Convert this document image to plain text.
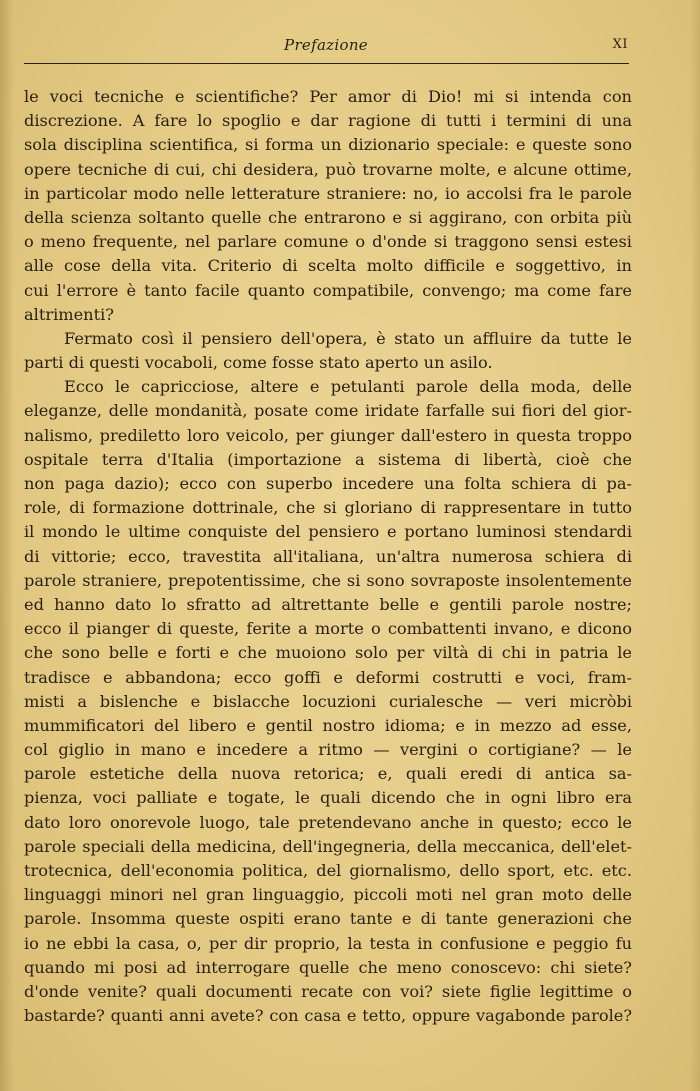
Prefazione	XI
le voci tecniche e scientifiche? Per amor di Dio! mi si intenda con
discrezione. A fare lo spoglio e dar ragione di tutti i termini di una
sola disciplina scientifica, si forma un dizionario speciale: e queste sono
opere tecniche di cui, chi desidera, può trovarne molte, e alcune ottime,
in particolar modo nelle letterature straniere: no, io accolsi fra le parole
della scienza soltanto quelle che entrarono e si aggirano, con orbita più
o meno frequente, nel parlare comune o d'onde si traggono sensi estesi
alle cose della vita. Criterio di scelta molto difficile e soggettivo, in
cui l'errore è tanto facile quanto compatibile, convengo; ma come fare
altrimenti?
Fermato così il pensiero dell'opera, è stato un affluire da tutte le
parti di questi vocaboli, come fosse stato aperto un asilo.
Ecco le capricciose, altere e petulanti parole della moda, delle
eleganze, delle mondanità, posate come iridate farfalle sui fiori del gior-
nalismo, prediletto loro veicolo, per giunger dall'estero in questa troppo
ospitale terra d'Italia (importazione a sistema di libertà, cioè che
non paga dazio); ecco con superbo incedere una folta schiera di pa-
role, di formazione dottrinale, che si gloriano di rappresentare in tutto
il mondo le ultime conquiste del pensiero e portano luminosi stendardi
di vittorie; ecco, travestita all'italiana, un'altra numerosa schiera di
parole straniere, prepotentissime, che si sono sovraposte insolentemente
ed hanno dato lo sfratto ad altrettante belle e gentili parole nostre;
ecco il pianger di queste, ferite a morte o combattenti invano, e dicono
che sono belle e forti e che muoiono solo per viltà di chi in patria le
tradisce e abbandona; ecco goffi e deformi costrutti e voci, fram-
misti a bislenche e bislacche locuzioni curialesche — veri micròbi
mummificatori del libero e gentil nostro idioma; e in mezzo ad esse,
col giglio in mano e incedere a ritmo — vergini o cortigiane? — le
parole estetiche della nuova retorica; e, quali eredi di antica sa-
pienza, voci palliate e togate, le quali dicendo che in ogni libro era
dato loro onorevole luogo, tale pretendevano anche in questo; ecco le
parole speciali della medicina, dell'ingegneria, della meccanica, dell'elet-
trotecnica, dell'economia politica, del giornalismo, dello sport, etc. etc.
linguaggi minori nel gran linguaggio, piccoli moti nel gran moto delle
parole. Insomma queste ospiti erano tante e di tante generazioni che
io ne ebbi la casa, o, per dir proprio, la testa in confusione e peggio fu
quando mi posi ad interrogare quelle che meno conoscevo: chi siete?
d'onde venite? quali documenti recate con voi? siete figlie legittime o
bastarde? quanti anni avete? con casa e tetto, oppure vagabonde parole?
